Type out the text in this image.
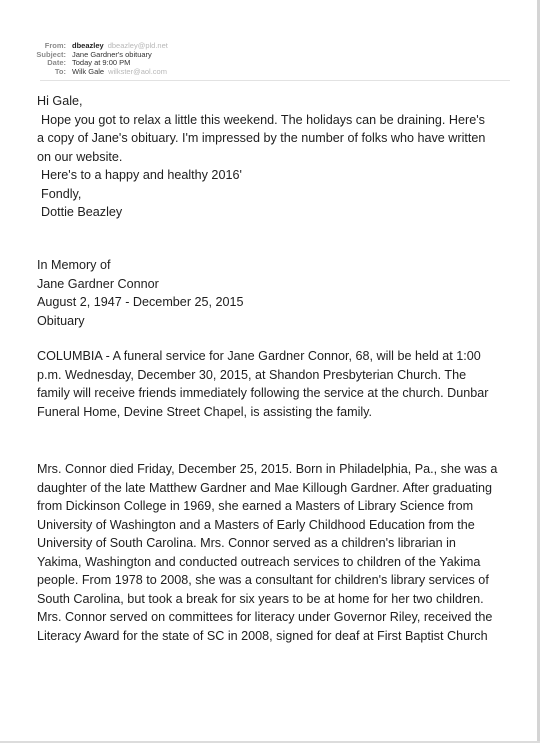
From: dbeazley dbeazley@pld.net
Subject: Jane Gardner's obituary
Date: Today at 9:00 PM
To: Wilk Gale wilkster@aol.com

Hi Gale,

Hope you got to relax a little this weekend. The holidays can be draining. Here's

a copy of Jane's obituary. I'm impressed by the number of folks who have written

on our website.

Here's to a happy and healthy 2016'

Fondly,

Dottie Beazley

In Memory of
Jane Gardner Connor
August 2, 1947 - December 25, 2015
Obituary
COLUMBIA - A funeral service for Jane Gardner Connor, 68, will be held at 1:00
p.m. Wednesday, December 30, 2015, at Shandon Presbyterian Church. The
family will receive friends immediately following the service at the church. Dunbar
Funeral Home, Devine Street Chapel, is assisting the family.
Mrs. Connor died Friday, December 25, 2015. Born in Philadelphia, Pa., she was a
daughter of the late Matthew Gardner and Mae Killough Gardner. After graduating
from Dickinson College in 1969, she earned a Masters of Library Science from
University of Washington and a Masters of Early Childhood Education from the
University of South Carolina. Mrs. Connor served as a children's librarian in
Yakima, Washington and conducted outreach services to children of the Yakima
people. From 1978 to 2008, she was a consultant for children's library services of
South Carolina, but took a break for six years to be at home for her two children.
Mrs. Connor served on committees for literacy under Governor Riley, received the
Literacy Award for the state of SC in 2008, signed for deaf at First Baptist Church
